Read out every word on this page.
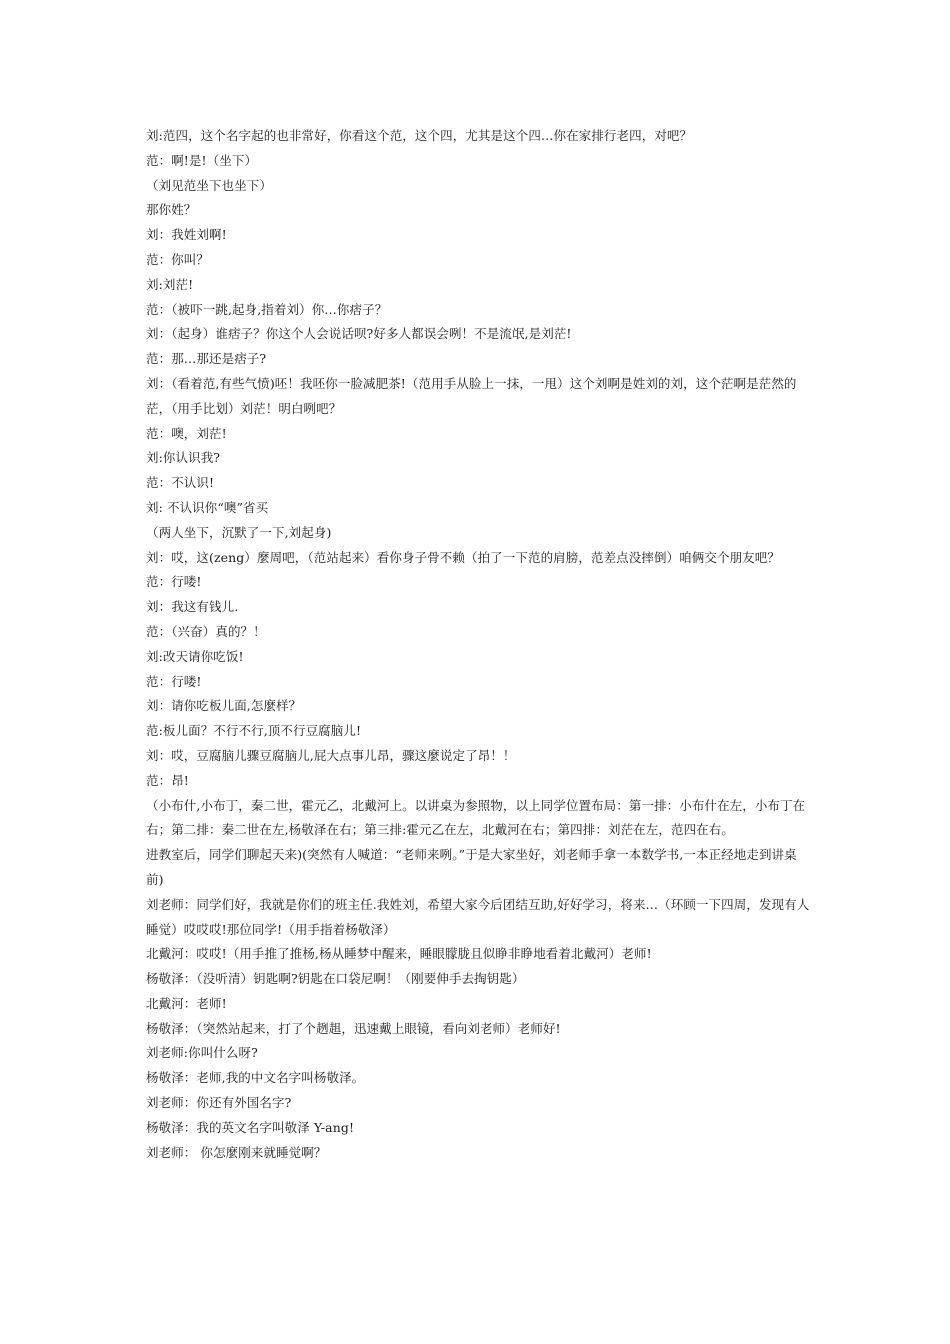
刘:范四，这个名字起的也非常好，你看这个范，这个四，尤其是这个四…你在家排行老四，对吧？

范：啊!是!（坐下）

（刘见范坐下也坐下）

那你姓？

刘：我姓刘啊!

范：你叫？

刘:刘茫!

范：（被吓一跳,起身,指着刘）你…你痞子？

刘：（起身）谁痞子？你这个人会说话呗?好多人都误会咧！不是流氓,是刘茫!

范：那…那还是痞子?

刘：（看着范,有些气愤)呸！我呸你一脸减肥茶!（范用手从脸上一抹，一甩）这个刘啊是姓刘的刘，这个茫啊是茫然的茫，（用手比划）刘茫！明白咧吧？

范：噢，刘茫!

刘:你认识我?

范：不认识!

刘: 不认识你“噢”省买

（两人坐下，沉默了一下,刘起身)

刘：哎，这(zeng）麼周吧，（范站起来）看你身子骨不赖（拍了一下范的肩膀，范差点没摔倒）咱俩交个朋友吧？

范：行喽!

刘：我这有钱儿.

范：（兴奋）真的？！

刘:改天请你吃饭!

范：行喽!

刘：请你吃板儿面,怎麼样？

范:板儿面？不行不行,顶不行豆腐脑儿!

刘：哎，豆腐脑儿骤豆腐脑儿,屁大点事儿昂，骤这麼说定了昂！！

范：昂!

（小布什,小布丁，秦二世，霍元乙，北戴河上。以讲桌为参照物，以上同学位置布局：第一排：小布什在左，小布丁在右；第二排：秦二世在左,杨敬泽在右；第三排:霍元乙在左，北戴河在右；第四排：刘茫在左，范四在右。

进教室后，同学们聊起天来)(突然有人喊道：“老师来咧。”于是大家坐好，刘老师手拿一本数学书,一本正经地走到讲桌前)

刘老师：同学们好，我就是你们的班主任.我姓刘，希望大家今后团结互助,好好学习，将来…（环顾一下四周，发现有人睡觉）哎哎哎!那位同学!（用手指着杨敬泽）

北戴河：哎哎!（用手推了推杨,杨从睡梦中醒来，睡眼朦胧且似睁非睁地看着北戴河）老师!

杨敬泽：（没听清）钥匙啊?钥匙在口袋尼啊！（刚要伸手去掏钥匙）

北戴河：老师!

杨敬泽：（突然站起来，打了个趔趄，迅速戴上眼镜，看向刘老师）老师好!

刘老师:你叫什么呀?

杨敬泽：老师,我的中文名字叫杨敬泽。

刘老师：你还有外国名字?

杨敬泽：我的英文名字叫敬泽 Y-ang!

刘老师： 你怎麼刚来就睡觉啊？
